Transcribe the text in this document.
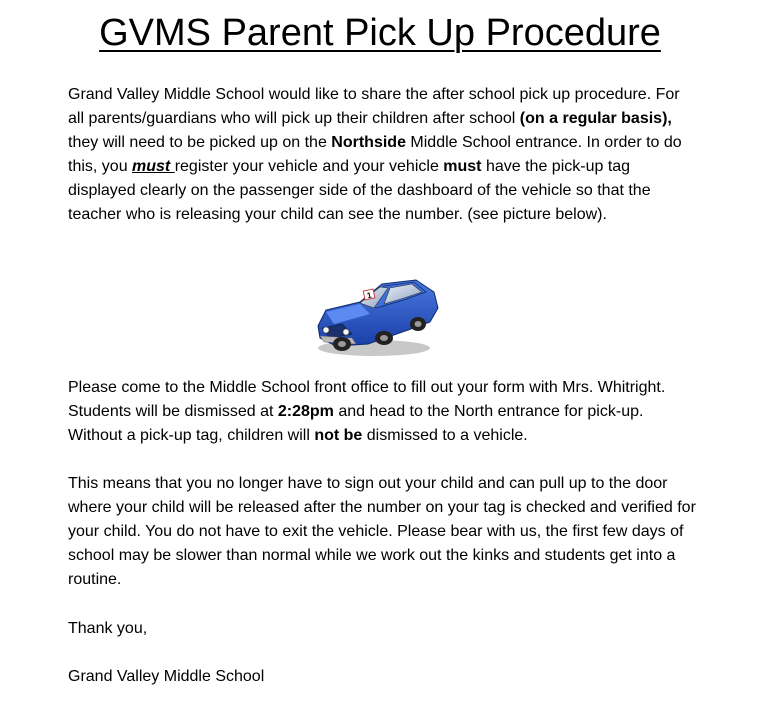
GVMS Parent Pick Up Procedure

Grand Valley Middle School would like to share the after school pick up procedure. For all parents/guardians who will pick up their children after school (on a regular basis), they will need to be picked up on the Northside Middle School entrance. In order to do this, you must register your vehicle and your vehicle must have the pick-up tag displayed clearly on the passenger side of the dashboard of the vehicle so that the teacher who is releasing your child can see the number. (see picture below).

1

Please come to the Middle School front office to fill out your form with Mrs. Whitright. Students will be dismissed at 2:28pm and head to the North entrance for pick-up. Without a pick-up tag, children will not be dismissed to a vehicle.

This means that you no longer have to sign out your child and can pull up to the door where your child will be released after the number on your tag is checked and verified for your child. You do not have to exit the vehicle. Please bear with us, the first few days of school may be slower than normal while we work out the kinks and students get into a routine.

Thank you,

Grand Valley Middle School
